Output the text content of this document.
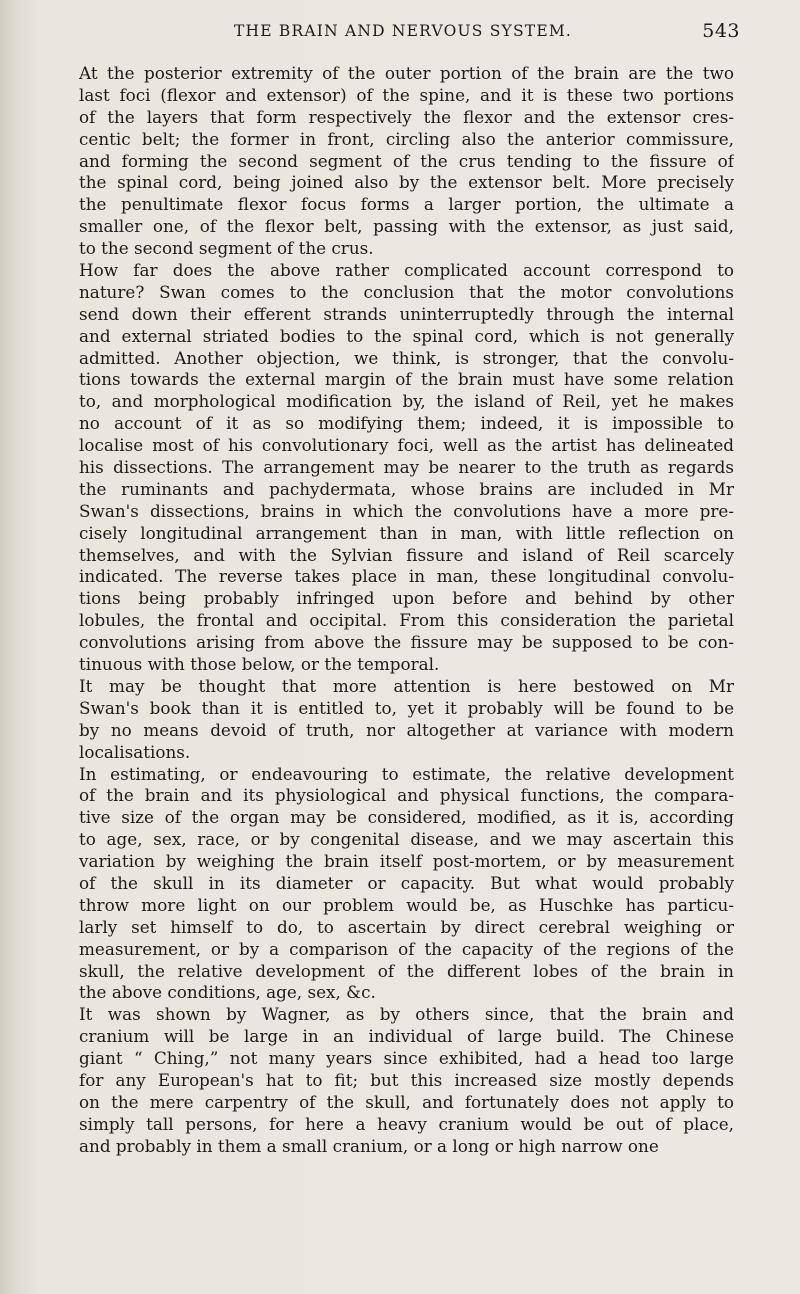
THE BRAIN AND NERVOUS SYSTEM.	543
At the posterior extremity of the outer portion of the brain are the two
last foci (flexor and extensor) of the spine, and it is these two portions
of the layers that form respectively the flexor and the extensor cres-
centic belt; the former in front, circling also the anterior commissure,
and forming the second segment of the crus tending to the fissure of
the spinal cord, being joined also by the extensor belt. More precisely
the penultimate flexor focus forms a larger portion, the ultimate a
smaller one, of the flexor belt, passing with the extensor, as just said,
to the second segment of the crus.
How far does the above rather complicated account correspond to
nature? Swan comes to the conclusion that the motor convolutions
send down their efferent strands uninterruptedly through the internal
and external striated bodies to the spinal cord, which is not generally
admitted. Another objection, we think, is stronger, that the convolu-
tions towards the external margin of the brain must have some relation
to, and morphological modification by, the island of Reil, yet he makes
no account of it as so modifying them; indeed, it is impossible to
localise most of his convolutionary foci, well as the artist has delineated
his dissections. The arrangement may be nearer to the truth as regards
the ruminants and pachydermata, whose brains are included in Mr
Swan's dissections, brains in which the convolutions have a more pre-
cisely longitudinal arrangement than in man, with little reflection on
themselves, and with the Sylvian fissure and island of Reil scarcely
indicated. The reverse takes place in man, these longitudinal convolu-
tions being probably infringed upon before and behind by other
lobules, the frontal and occipital. From this consideration the parietal
convolutions arising from above the fissure may be supposed to be con-
tinuous with those below, or the temporal.
It may be thought that more attention is here bestowed on Mr
Swan's book than it is entitled to, yet it probably will be found to be
by no means devoid of truth, nor altogether at variance with modern
localisations.
In estimating, or endeavouring to estimate, the relative development
of the brain and its physiological and physical functions, the compara-
tive size of the organ may be considered, modified, as it is, according
to age, sex, race, or by congenital disease, and we may ascertain this
variation by weighing the brain itself post-mortem, or by measurement
of the skull in its diameter or capacity. But what would probably
throw more light on our problem would be, as Huschke has particu-
larly set himself to do, to ascertain by direct cerebral weighing or
measurement, or by a comparison of the capacity of the regions of the
skull, the relative development of the different lobes of the brain in
the above conditions, age, sex, &c.
It was shown by Wagner, as by others since, that the brain and
cranium will be large in an individual of large build. The Chinese
giant “ Ching,” not many years since exhibited, had a head too large
for any European's hat to fit; but this increased size mostly depends
on the mere carpentry of the skull, and fortunately does not apply to
simply tall persons, for here a heavy cranium would be out of place,
and probably in them a small cranium, or a long or high narrow one
